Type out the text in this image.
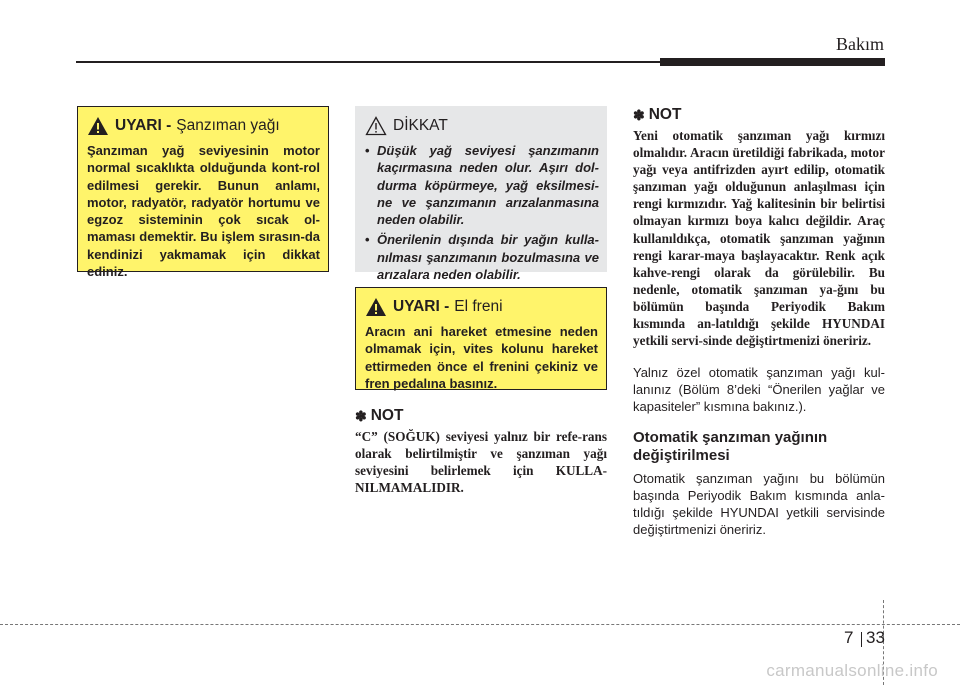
Bakım
UYARI - Şanzıman yağı
Şanzıman yağ seviyesinin motor normal sıcaklıkta olduğunda kont-rol edilmesi gerekir. Bunun anlamı, motor, radyatör, radyatör hortumu ve egzoz sisteminin çok sıcak ol-maması demektir. Bu işlem sırasın-da kendinizi yakmamak için dikkat ediniz.
DİKKAT
• Düşük yağ seviyesi şanzımanın kaçırmasına neden olur. Aşırı dol-durma köpürmeye, yağ eksilmesi-ne ve şanzımanın arızalanmasına neden olabilir.
• Önerilenin dışında bir yağın kulla-nılması şanzımanın bozulmasına ve arızalara neden olabilir.
UYARI - El freni
Aracın ani hareket etmesine neden olmamak için, vites kolunu hareket ettirmeden önce el frenini çekiniz ve fren pedalına basınız.
✽ NOT
“C” (SOĞUK) seviyesi yalnız bir refe-rans olarak belirtilmiştir ve şanzıman yağı seviyesini belirlemek için KULLA-NILMAMALIDIR.
✽ NOT
Yeni otomatik şanzıman yağı kırmızı olmalıdır. Aracın üretildiği fabrikada, motor yağı veya antifrizden ayırt edilip, otomatik şanzıman yağı olduğunun anlaşılması için rengi kırmızıdır. Yağ kalitesinin bir belirtisi olmayan kırmızı boya kalıcı değildir. Araç kullanıldıkça, otomatik şanzıman yağının rengi karar-maya başlayacaktır. Renk açık kahve-rengi olarak da görülebilir. Bu nedenle, otomatik şanzıman ya-ğını bu bölümün başında Periyodik Bakım kısmında an-latıldığı şekilde HYUNDAI yetkili servi-sinde değiştirtmenizi öneririz.
Yalnız özel otomatik şanzıman yağı kul-lanınız (Bölüm 8’deki “Önerilen yağlar ve kapasiteler” kısmına bakınız.).
Otomatik şanzıman yağının
değiştirilmesi
Otomatik şanzıman yağını bu bölümün başında Periyodik Bakım kısmında anla-tıldığı şekilde HYUNDAI yetkili servisinde değiştirtmenizi öneririz.
7 33
carmanualsonline.info
